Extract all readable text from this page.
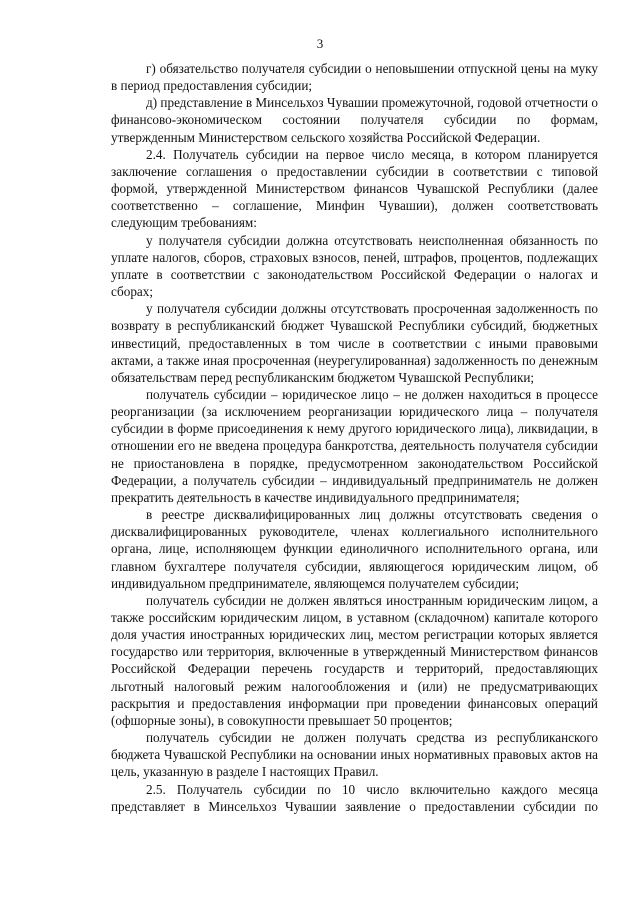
3

г) обязательство получателя субсидии о неповышении отпускной цены на муку в период предоставления субсидии;

д) представление в Минсельхоз Чувашии промежуточной, годовой отчетности о финансово-экономическом состоянии получателя субсидии по формам, утвержденным Министерством сельского хозяйства Российской Федерации.

2.4. Получатель субсидии на первое число месяца, в котором планируется заключение соглашения о предоставлении субсидии в соответствии с типовой формой, утвержденной Министерством финансов Чувашской Республики (далее соответственно – соглашение, Минфин Чувашии), должен соответствовать следующим требованиям:

у получателя субсидии должна отсутствовать неисполненная обязанность по уплате налогов, сборов, страховых взносов, пеней, штрафов, процентов, подлежащих уплате в соответствии с законодательством Российской Федерации о налогах и сборах;

у получателя субсидии должны отсутствовать просроченная задолженность по возврату в республиканский бюджет Чувашской Республики субсидий, бюджетных инвестиций, предоставленных в том числе в соответствии с иными правовыми актами, а также иная просроченная (неурегулированная) задолженность по денежным обязательствам перед республиканским бюджетом Чувашской Республики;

получатель субсидии – юридическое лицо – не должен находиться в процессе реорганизации (за исключением реорганизации юридического лица – получателя субсидии в форме присоединения к нему другого юридического лица), ликвидации, в отношении его не введена процедура банкротства, деятельность получателя субсидии не приостановлена в порядке, предусмотренном законодательством Российской Федерации, а получатель субсидии – индивидуальный предприниматель не должен прекратить деятельность в качестве индивидуального предпринимателя;

в реестре дисквалифицированных лиц должны отсутствовать сведения о дисквалифицированных руководителе, членах коллегиального исполнительного органа, лице, исполняющем функции единоличного исполнительного органа, или главном бухгалтере получателя субсидии, являющегося юридическим лицом, об индивидуальном предпринимателе, являющемся получателем субсидии;

получатель субсидии не должен являться иностранным юридическим лицом, а также российским юридическим лицом, в уставном (складочном) капитале которого доля участия иностранных юридических лиц, местом регистрации которых является государство или территория, включенные в утвержденный Министерством финансов Российской Федерации перечень государств и территорий, предоставляющих льготный налоговый режим налогообложения и (или) не предусматривающих раскрытия и предоставления информации при проведении финансовых операций (офшорные зоны), в совокупности превышает 50 процентов;

получатель субсидии не должен получать средства из республиканского бюджета Чувашской Республики на основании иных нормативных правовых актов на цель, указанную в разделе I настоящих Правил.

2.5. Получатель субсидии по 10 число включительно каждого месяца представляет в Минсельхоз Чувашии заявление о предоставлении субсидии по
